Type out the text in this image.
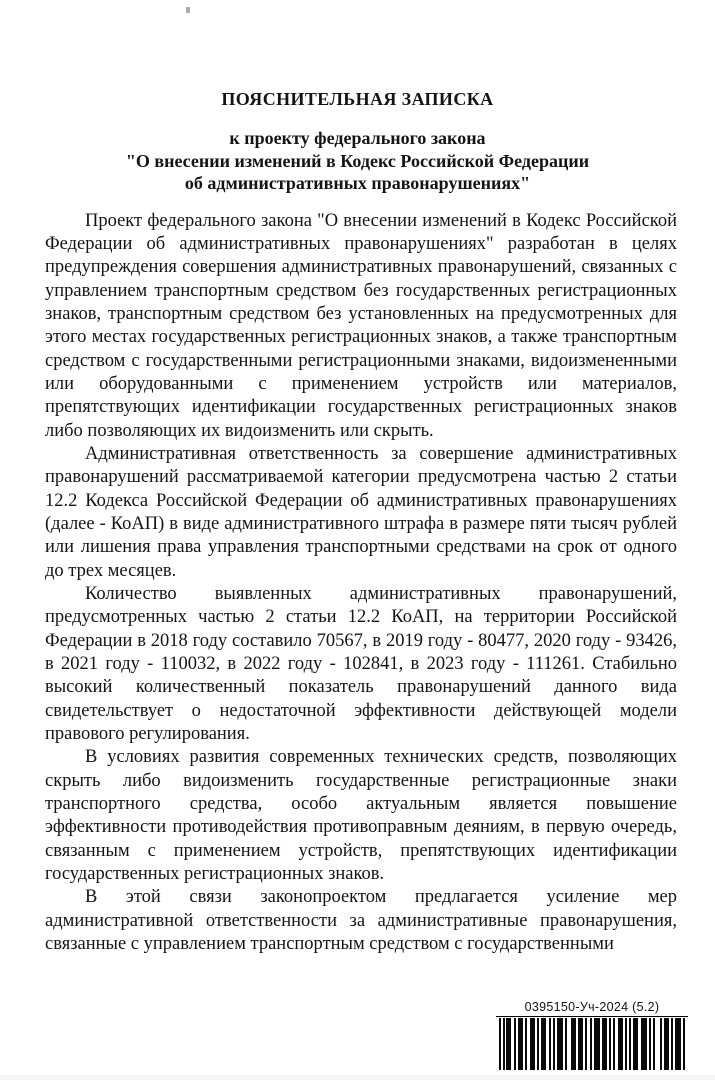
ПОЯСНИТЕЛЬНАЯ ЗАПИСКА
к проекту федерального закона
"О внесении изменений в Кодекс Российской Федерации
об административных правонарушениях"

Проект федерального закона "О внесении изменений в Кодекс Российской Федерации об административных правонарушениях" разработан в целях предупреждения совершения административных правонарушений, связанных с управлением транспортным средством без государственных регистрационных знаков, транспортным средством без установленных на предусмотренных для этого местах государственных регистрационных знаков, а также транспортным средством с государственными регистрационными знаками, видоизмененными или оборудованными с применением устройств или материалов, препятствующих идентификации государственных регистрационных знаков либо позволяющих их видоизменить или скрыть.

Административная ответственность за совершение административных правонарушений рассматриваемой категории предусмотрена частью 2 статьи 12.2 Кодекса Российской Федерации об административных правонарушениях (далее - КоАП) в виде административного штрафа в размере пяти тысяч рублей или лишения права управления транспортными средствами на срок от одного до трех месяцев.

Количество выявленных административных правонарушений, предусмотренных частью 2 статьи 12.2 КоАП, на территории Российской Федерации в 2018 году составило 70567, в 2019 году - 80477, 2020 году - 93426, в 2021 году - 110032, в 2022 году - 102841, в 2023 году - 111261. Стабильно высокий количественный показатель правонарушений данного вида свидетельствует о недостаточной эффективности действующей модели правового регулирования.

В условиях развития современных технических средств, позволяющих скрыть либо видоизменить государственные регистрационные знаки транспортного средства, особо актуальным является повышение эффективности противодействия противоправным деяниям, в первую очередь, связанным с применением устройств, препятствующих идентификации государственных регистрационных знаков.

В этой связи законопроектом предлагается усиление мер административной ответственности за административные правонарушения, связанные с управлением транспортным средством с государственными

0395150-Уч-2024 (5.2)
